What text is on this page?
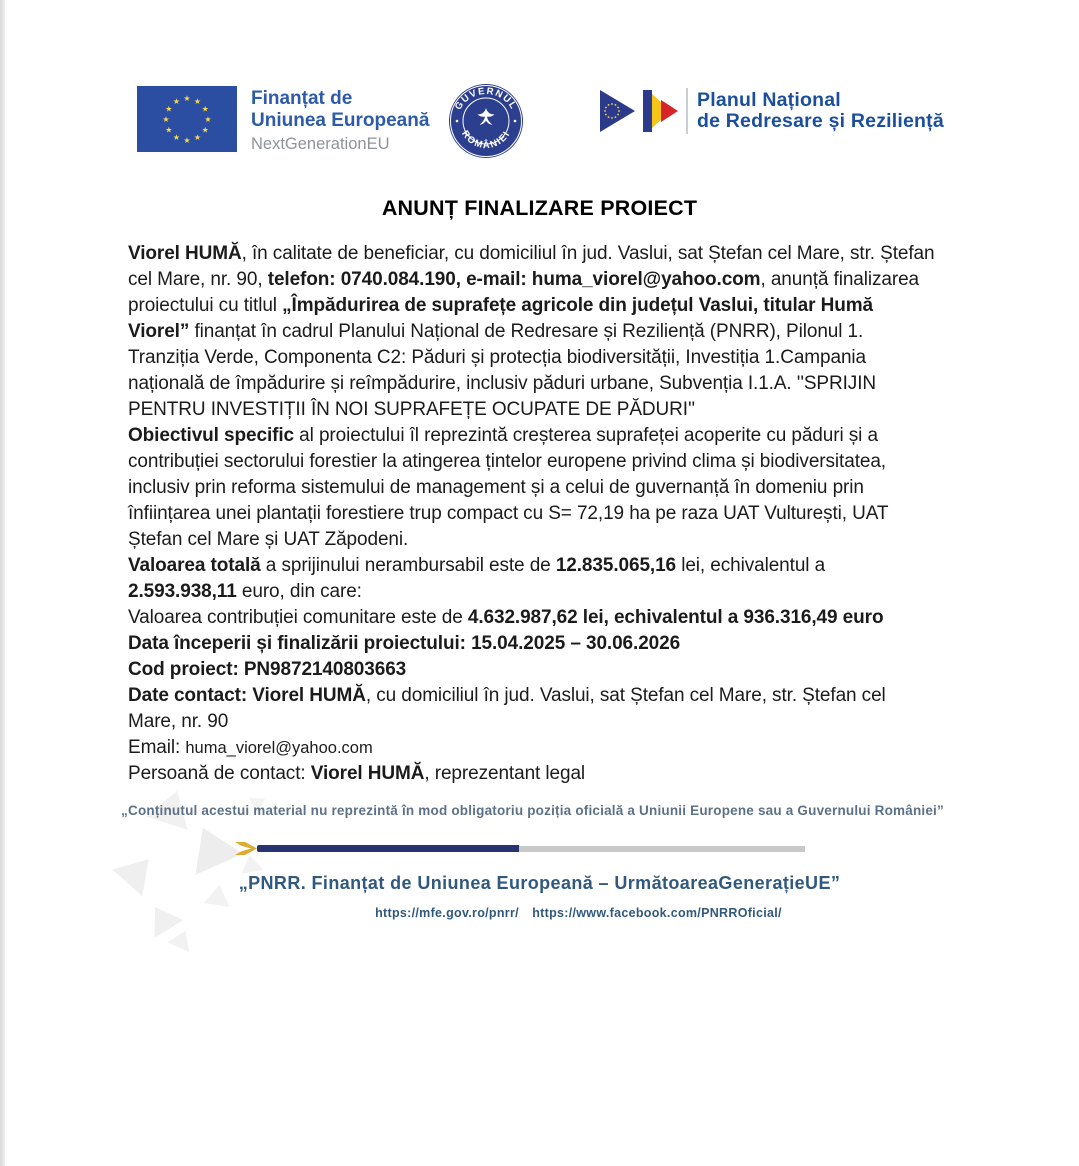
★ ★
★
★
★
★
★
★
★
★
★
★	Finanțat de
Uniunea Europeană
NextGenerationEU
GUVERNUL
ROMÂNIEI
Planul Național
de Redresare și Reziliență
ANUNȚ FINALIZARE PROIECT

Viorel HUMĂ, în calitate de beneficiar, cu domiciliul în jud. Vaslui, sat Ștefan cel Mare, str. Ștefan cel Mare, nr. 90, telefon: 0740.084.190, e-mail: huma_viorel@yahoo.com, anunță finalizarea proiectului cu titlul „Împădurirea de suprafețe agricole din județul Vaslui, titular Humă Viorel” finanțat în cadrul Planului Național de Redresare și Reziliență (PNRR), Pilonul 1. Tranziția Verde, Componenta C2: Păduri și protecția biodiversității, Investiția 1.Campania națională de împădurire și reîmpădurire, inclusiv păduri urbane, Subvenția I.1.A. ''SPRIJIN PENTRU INVESTIȚII ÎN NOI SUPRAFEȚE OCUPATE DE PĂDURI''

Obiectivul specific al proiectului îl reprezintă creșterea suprafeței acoperite cu păduri și a contribuției sectorului forestier la atingerea țintelor europene privind clima și biodiversitatea, inclusiv prin reforma sistemului de management și a celui de guvernanță în domeniu prin înființarea unei plantații forestiere trup compact cu S= 72,19 ha pe raza UAT Vulturești, UAT Ștefan cel Mare și UAT Zăpodeni.

Valoarea totală a sprijinului nerambursabil este de 12.835.065,16 lei, echivalentul a 2.593.938,11 euro, din care:

Valoarea contribuției comunitare este de 4.632.987,62 lei, echivalentul a 936.316,49 euro

Data începerii și finalizării proiectului: 15.04.2025 – 30.06.2026

Cod proiect: PN9872140803663

Date contact: Viorel HUMĂ, cu domiciliul în jud. Vaslui, sat Ștefan cel Mare, str. Ștefan cel Mare, nr. 90

Email: huma_viorel@yahoo.com

Persoană de contact: Viorel HUMĂ, reprezentant legal

„Conținutul acestui material nu reprezintă în mod obligatoriu poziția oficială a Uniunii Europene sau a Guvernului României”
„PNRR. Finanțat de Uniunea Europeană – UrmătoareaGenerațieUE”
https://mfe.gov.ro/pnrr/	https://www.facebook.com/PNRROficial/
